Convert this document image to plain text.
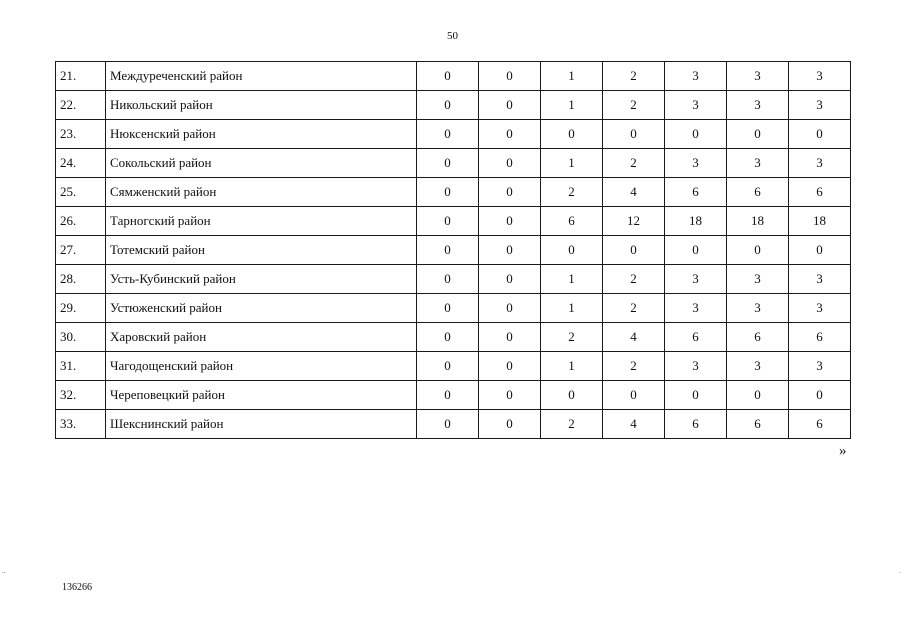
50
21.	Междуреченский район	0	0	1	2	3	3	3
22.	Никольский район	0	0	1	2	3	3	3
23.	Нюксенский район	0	0	0	0	0	0	0
24.	Сокольский район	0	0	1	2	3	3	3
25.	Сямженский район	0	0	2	4	6	6	6
26.	Тарногский район	0	0	6	12	18	18	18
27.	Тотемский район	0	0	0	0	0	0	0
28.	Усть-Кубинский район	0	0	1	2	3	3	3
29.	Устюженский район	0	0	1	2	3	3	3
30.	Харовский район	0	0	2	4	6	6	6
31.	Чагодощенский район	0	0	1	2	3	3	3
32.	Череповецкий район	0	0	0	0	0	0	0
33.	Шекснинский район	0	0	2	4	6	6	6
»
136266
..	.
